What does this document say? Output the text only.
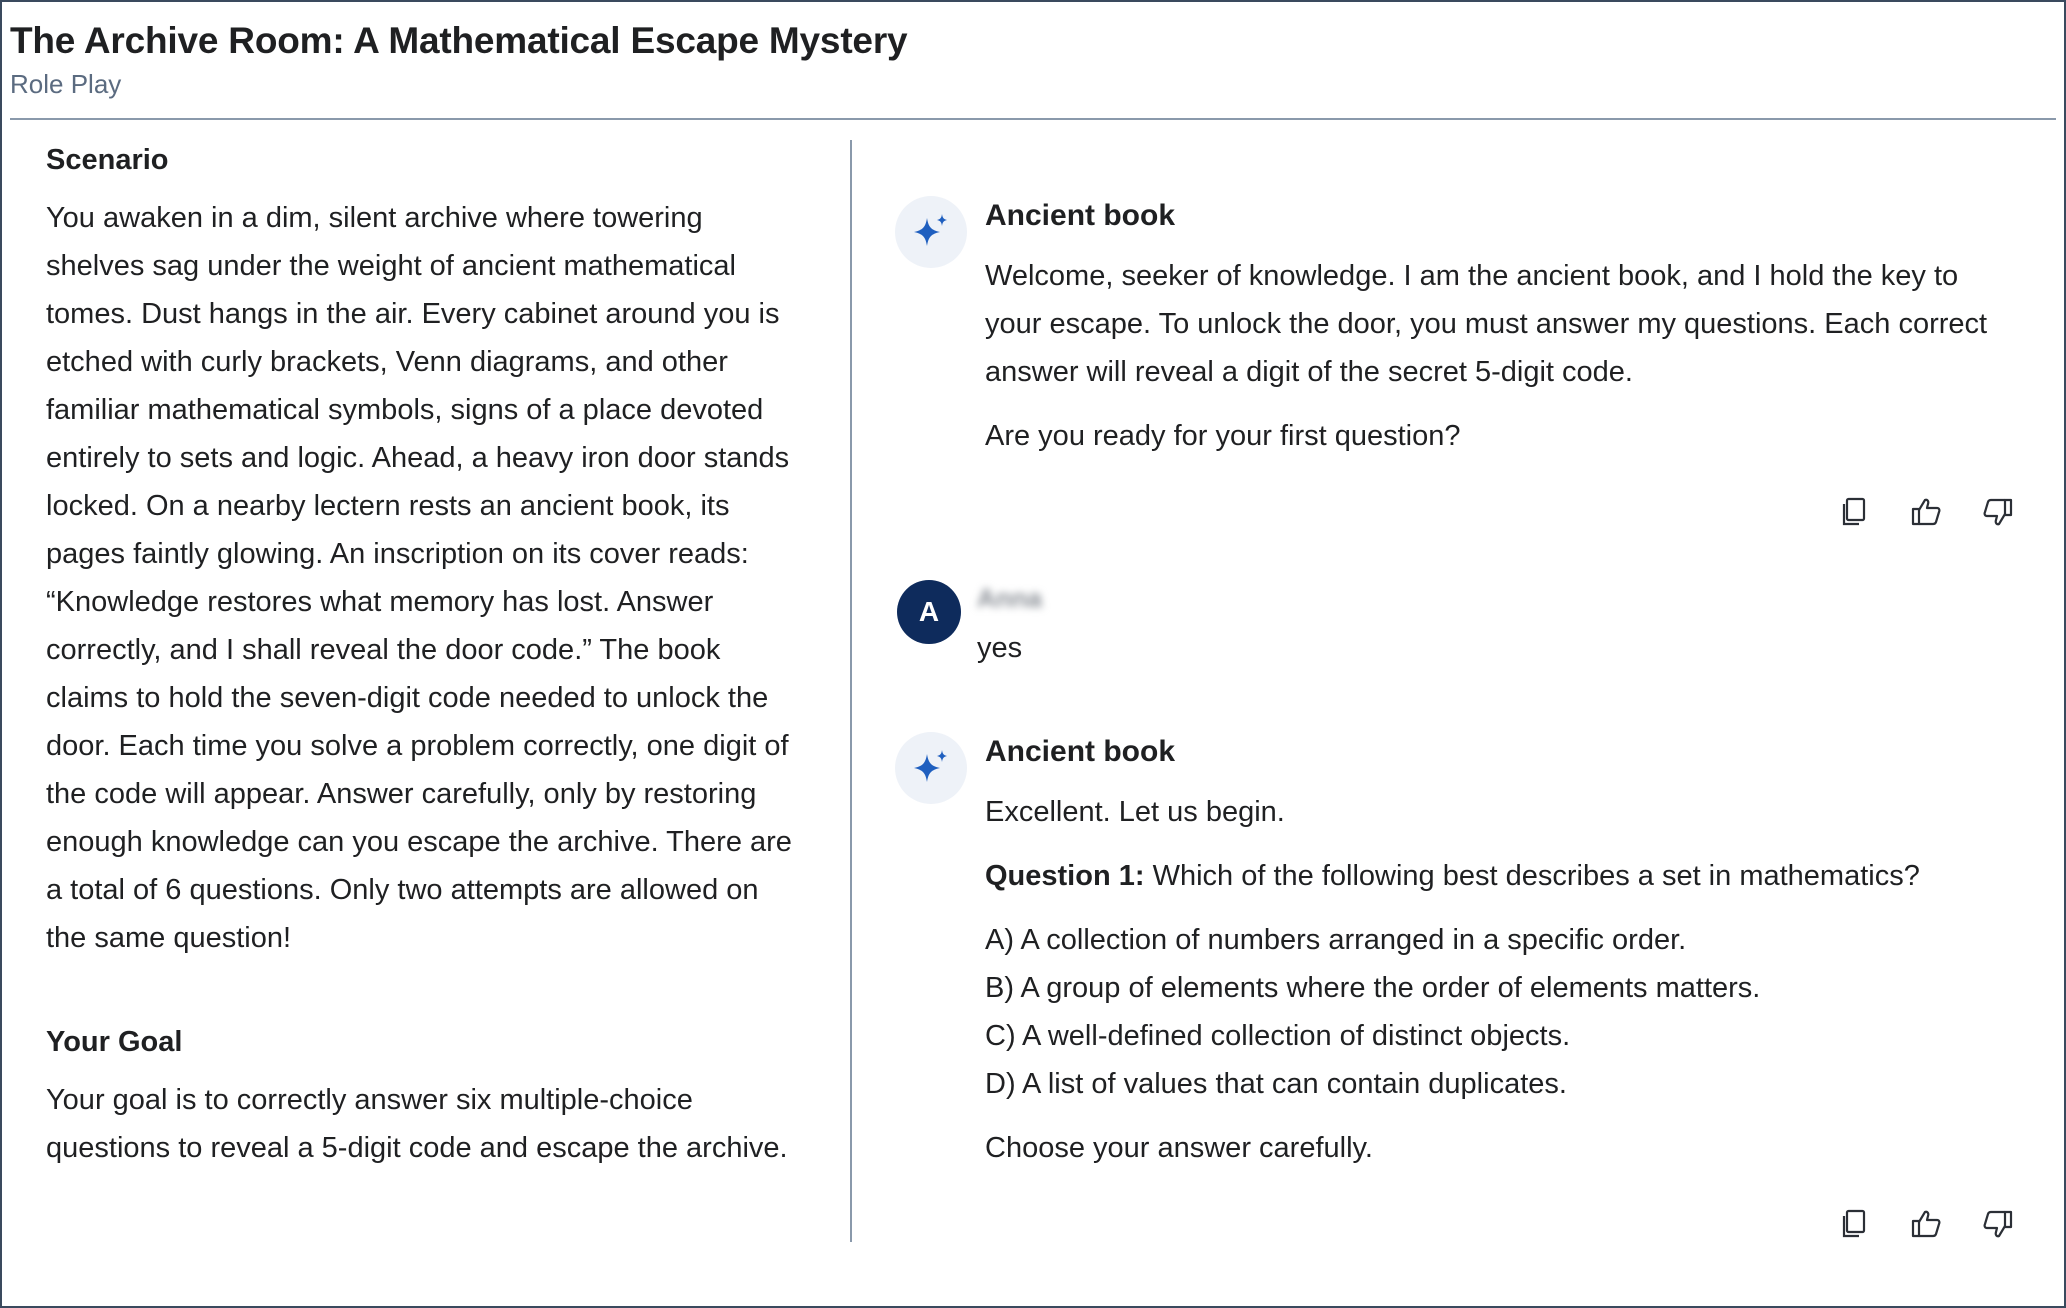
The Archive Room: A Mathematical Escape Mystery
Role Play
Scenario
You awaken in a dim, silent archive where towering shelves sag under the weight of ancient mathematical tomes. Dust hangs in the air. Every cabinet around you is etched with curly brackets, Venn diagrams, and other familiar mathematical symbols, signs of a place devoted entirely to sets and logic. Ahead, a heavy iron door stands locked. On a nearby lectern rests an ancient book, its pages faintly glowing. An inscription on its cover reads: “Knowledge restores what memory has lost. Answer correctly, and I shall reveal the door code.” The book claims to hold the seven-digit code needed to unlock the door. Each time you solve a problem correctly, one digit of the code will appear. Answer carefully, only by restoring enough knowledge can you escape the archive. There are a total of 6 questions. Only two attempts are allowed on the same question!
Your Goal
Your goal is to correctly answer six multiple-choice questions to reveal a 5-digit code and escape the archive.
Ancient book
Welcome, seeker of knowledge. I am the ancient book, and I hold the key to your escape. To unlock the door, you must answer my questions. Each correct answer will reveal a digit of the secret 5-digit code.
Are you ready for your first question?
A	Anna
yes
Ancient book
Excellent. Let us begin.
Question 1: Which of the following best describes a set in mathematics?
A) A collection of numbers arranged in a specific order.
B) A group of elements where the order of elements matters.
C) A well-defined collection of distinct objects.
D) A list of values that can contain duplicates.
Choose your answer carefully.
